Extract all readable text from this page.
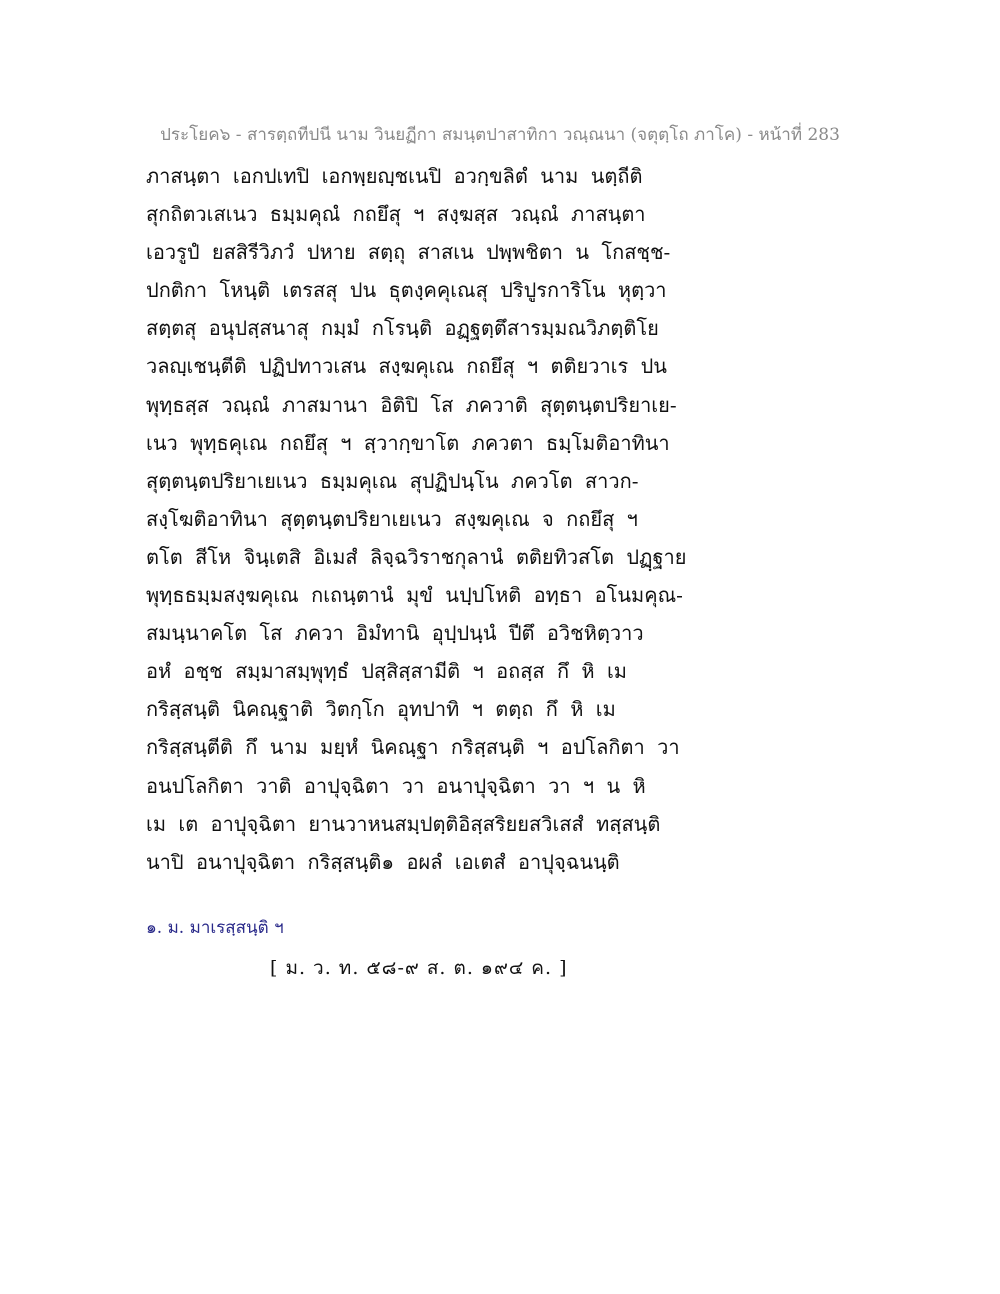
ประโยค๖ - สารตฺถทีปนี นาม วินยฏีกา สมนฺตปาสาทิกา วณฺณนา (จตุตฺโถ ภาโค) - หน้าที่ 283
ภาสนฺตา เอกปเทปิ เอกพฺยญฺชเนปิ อวกฺขลิตํ นาม นตฺถีติ
สุกถิตวเสเนว ธมฺมคุณํ กถยึสุ ฯ สงฺฆสฺส วณฺณํ ภาสนฺตา
เอวรูปํ ยสสิรีวิภวํ ปหาย สตฺถุ สาสเน ปพฺพชิตา น โกสชฺช-
ปกติกา โหนฺติ เตรสสุ ปน ธุตงฺคคุเณสุ ปริปูรการิโน หุตฺวา
สตฺตสุ อนุปสฺสนาสุ กมฺมํ กโรนฺติ อฏฺฐตฺตึสารมฺมณวิภตฺติโย
วลญฺเชนฺตีติ ปฏิปทาวเสน สงฺฆคุเณ กถยึสุ ฯ ตติยวาเร ปน
พุทฺธสฺส วณฺณํ ภาสมานา อิติปิ โส ภควาติ สุตฺตนฺตปริยาเย-
เนว พุทฺธคุเณ กถยึสุ ฯ สฺวากฺขาโต ภควตา ธมฺโมติอาทินา
สุตฺตนฺตปริยาเยเนว ธมฺมคุเณ สุปฏิปนฺโน ภควโต สาวก-
สงฺโฆติอาทินา สุตฺตนฺตปริยาเยเนว สงฺฆคุเณ จ กถยึสุ ฯ
ตโต สีโห จินฺเตสิ อิเมสํ ลิจฺฉวิราชกุลานํ ตติยทิวสโต ปฏฺฐาย
พุทฺธธมฺมสงฺฆคุเณ กเถนฺตานํ มุขํ นปฺปโหติ อทฺธา อโนมคุณ-
สมนฺนาคโต โส ภควา อิมํทานิ อุปฺปนฺนํ ปีตึ อวิชหิตฺวาว
อหํ อชฺช สมฺมาสมฺพุทฺธํ ปสฺสิสฺสามีติ ฯ อถสฺส กึ หิ เม
กริสฺสนฺติ นิคณฺฐาติ วิตกฺโก อุทปาทิ ฯ ตตฺถ กึ หิ เม
กริสฺสนฺตีติ กึ นาม มยฺหํ นิคณฺฐา กริสฺสนฺติ ฯ อปโลกิตา วา
อนปโลกิตา วาติ อาปุจฺฉิตา วา อนาปุจฺฉิตา วา ฯ น หิ
เม เต อาปุจฺฉิตา ยานวาหนสมฺปตฺติอิสฺสริยยสวิเสสํ ทสฺสนฺติ
นาปิ อนาปุจฺฉิตา กริสฺสนฺติ๑ อผลํ เอเตสํ อาปุจฺฉนนฺติ
๑. ม. มาเรสฺสนฺติ ฯ
[ ม. ว. ท. ๕๘-๙ ส. ต. ๑๙๔ ค. ]
